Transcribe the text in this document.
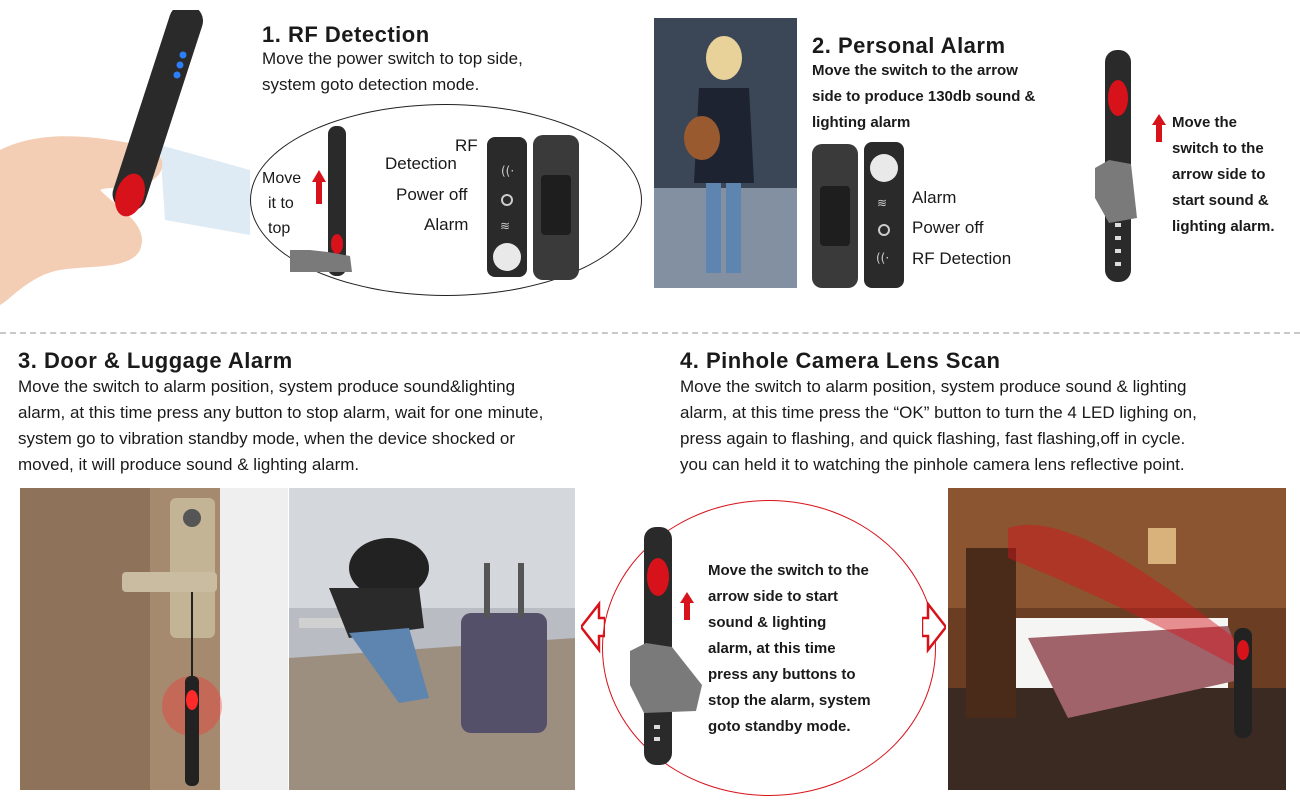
1. RF Detection
Move the power switch to top side,
system goto detection mode.
Move
it to
top
RF
Detection
Power off
Alarm
((·
≋
2. Personal Alarm
Move the switch to the arrow
side to produce 130db sound &
lighting alarm
≋
((·
Alarm
Power off
RF Detection
Move the
switch to the
arrow side to
start sound &
lighting alarm.
3. Door & Luggage Alarm
Move the switch to alarm position, system produce sound&lighting
alarm, at this time press any button to stop alarm, wait for one minute,
system go to vibration standby mode, when the device shocked or
moved, it will produce sound & lighting alarm.
Move the switch to the
arrow side to start
sound & lighting
alarm, at this time
press any buttons to
stop the alarm, system
goto standby mode.
4. Pinhole Camera Lens Scan
Move the switch to alarm position, system produce sound & lighting
alarm, at this time press the “OK” button to turn the 4 LED lighing on,
press again to flashing, and quick flashing, fast flashing,off in cycle.
you can held it to watching the pinhole camera lens reflective point.
